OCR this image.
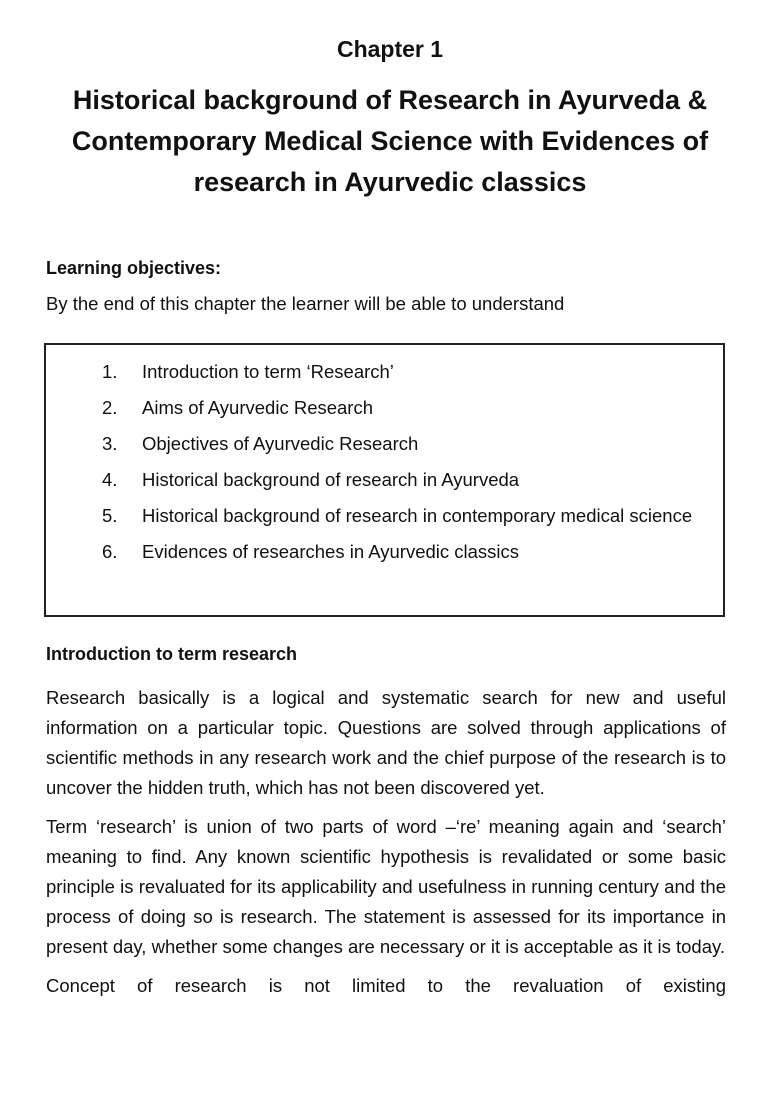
Chapter 1
Historical background of Research in Ayurveda & Contemporary Medical Science with Evidences of research in Ayurvedic classics
Learning objectives:
By the end of this chapter the learner will be able to understand
1.	Introduction to term ‘Research’
2.	Aims of Ayurvedic Research
3.	Objectives of Ayurvedic Research
4.	Historical background of research in Ayurveda
5.	Historical background of research in contemporary medical science
6.	Evidences of researches in Ayurvedic classics
Introduction to term research

Research basically is a logical and systematic search for new and useful information on a particular topic. Questions are solved through applications of scientific methods in any research work and the chief purpose of the research is to uncover the hidden truth, which has not been discovered yet.

Term ‘research’ is union of two parts of word –‘re’ meaning again and ‘search’ meaning to find. Any known scientific hypothesis is revalidated or some basic principle is revaluated for its applicability and usefulness in running century and the process of doing so is research. The statement is assessed for its importance in present day, whether some changes are necessary or it is acceptable as it is today.

Concept of research is not limited to the revaluation of existing
